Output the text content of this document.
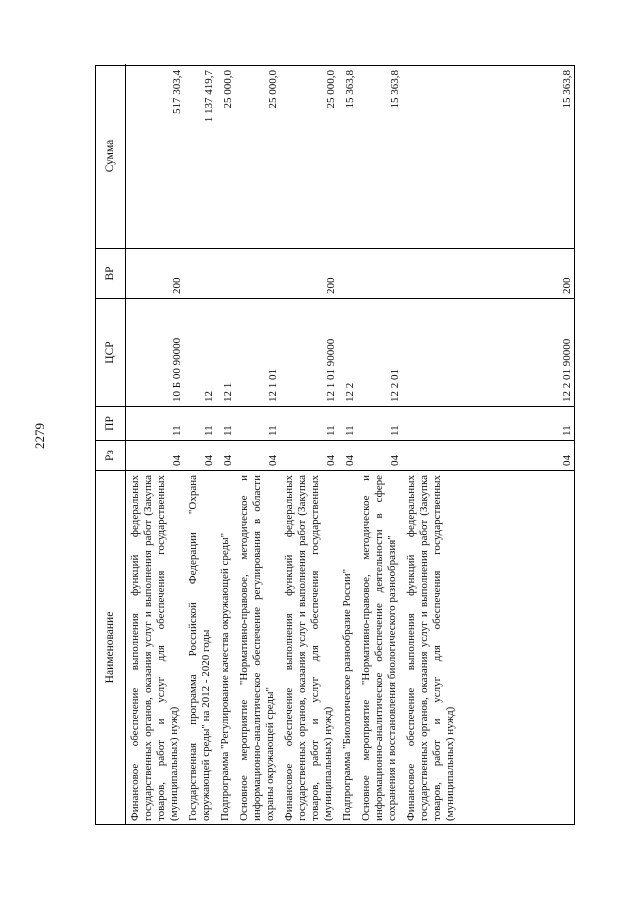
2279
Наименование
Рз
ПР
ЦСР
ВР
Сумма
Финансовое обеспечение выполнения функций федеральных государственных органов, оказания услуг и выполнения работ (Закупка товаров, работ и услуг для обеспечения государственных (муниципальных) нужд)
04
11
10 Б 00 90000
200
517 303,4
Государственная программа Российской Федерации "Охрана окружающей среды" на 2012 - 2020 годы
04
11
12
1 137 419,7
Подпрограмма "Регулирование качества окружающей среды"
04
11
12 1
25 000,0
Основное мероприятие "Нормативно-правовое, методическое и информационно-аналитическое обеспечение регулирования в области охраны окружающей среды"
04
11
12 1 01
25 000,0
Финансовое обеспечение выполнения функций федеральных государственных органов, оказания услуг и выполнения работ (Закупка товаров, работ и услуг для обеспечения государственных (муниципальных) нужд)
04
11
12 1 01 90000
200
25 000,0
Подпрограмма "Биологическое разнообразие России"
04
11
12 2
15 363,8
Основное мероприятие "Нормативно-правовое, методическое и информационно-аналитическое обеспечение деятельности в сфере сохранения и восстановления биологического разнообразия"
04
11
12 2 01
15 363,8
Финансовое обеспечение выполнения функций федеральных государственных органов, оказания услуг и выполнения работ (Закупка товаров, работ и услуг для обеспечения государственных (муниципальных) нужд)
04
11
12 2 01 90000
200
15 363,8
